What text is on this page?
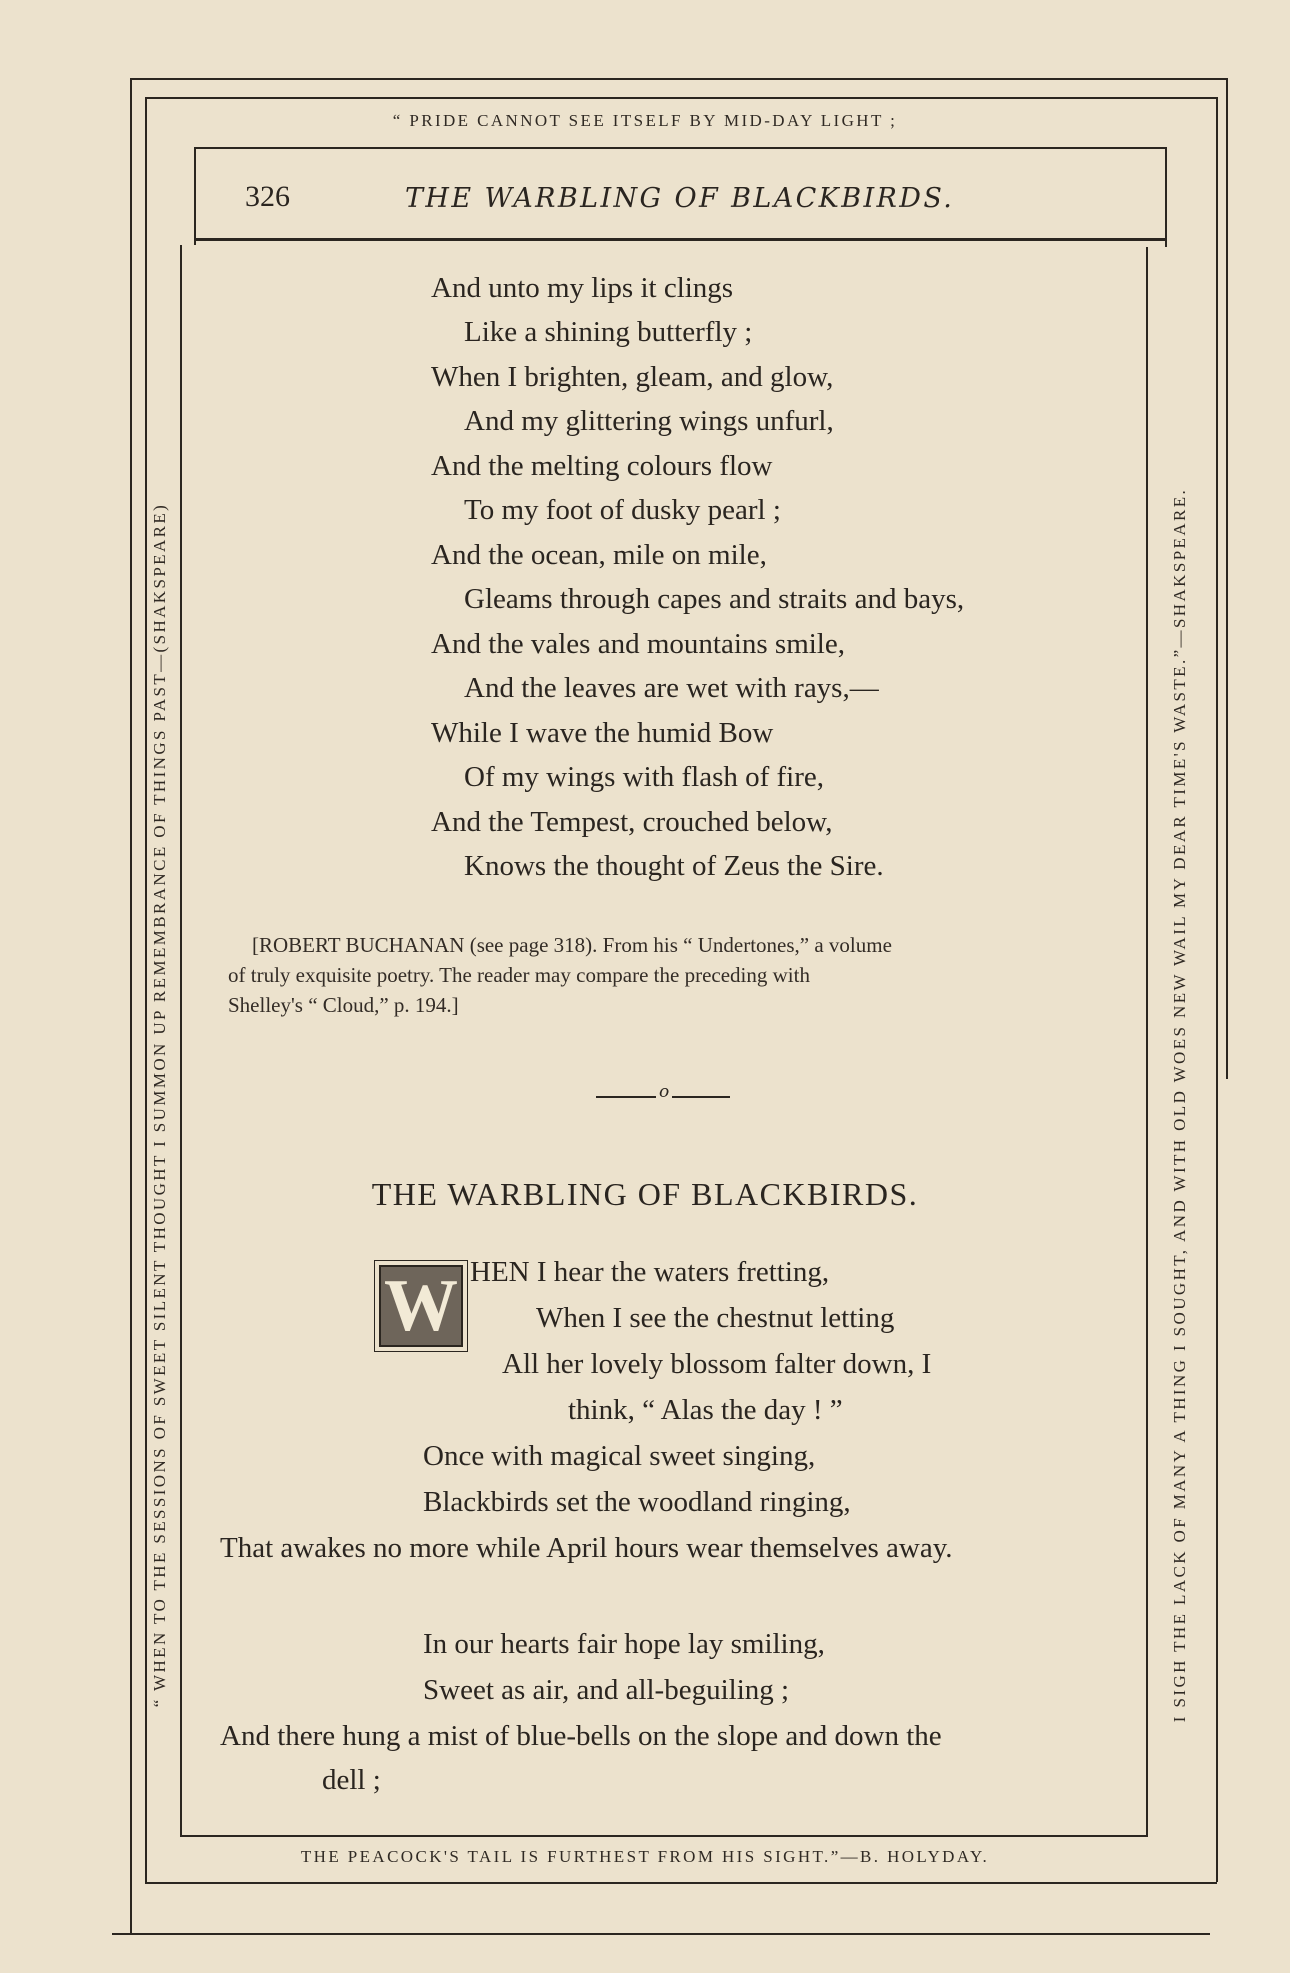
“ PRIDE CANNOT SEE ITSELF BY MID-DAY LIGHT ;
THE PEACOCK'S TAIL IS FURTHEST FROM HIS SIGHT.”—B. HOLYDAY.
“ WHEN TO THE SESSIONS OF SWEET SILENT THOUGHT I SUMMON UP REMEMBRANCE OF THINGS PAST—(SHAKSPEARE)	I SIGH THE LACK OF MANY A THING I SOUGHT, AND WITH OLD WOES NEW WAIL MY DEAR TIME'S WASTE.”—SHAKSPEARE.
326	THE WARBLING OF BLACKBIRDS.
And unto my lips it clings
Like a shining butterfly ;
When I brighten, gleam, and glow,
And my glittering wings unfurl,
And the melting colours flow
To my foot of dusky pearl ;
And the ocean, mile on mile,
Gleams through capes and straits and bays,
And the vales and mountains smile,
And the leaves are wet with rays,—
While I wave the humid Bow
Of my wings with flash of fire,
And the Tempest, crouched below,
Knows the thought of Zeus the Sire.
[ROBERT BUCHANAN (see page 318). From his “ Undertones,” a volume
of truly exquisite poetry. The reader may compare the preceding with
Shelley's “ Cloud,” p. 194.]
o
THE WARBLING OF BLACKBIRDS.
W HEN I hear the waters fretting,
When I see the chestnut letting
All her lovely blossom falter down, I
think, “ Alas the day ! ”
Once with magical sweet singing,
Blackbirds set the woodland ringing,
That awakes no more while April hours wear themselves away.
In our hearts fair hope lay smiling,
Sweet as air, and all-beguiling ;
And there hung a mist of blue-bells on the slope and down the
dell ;
